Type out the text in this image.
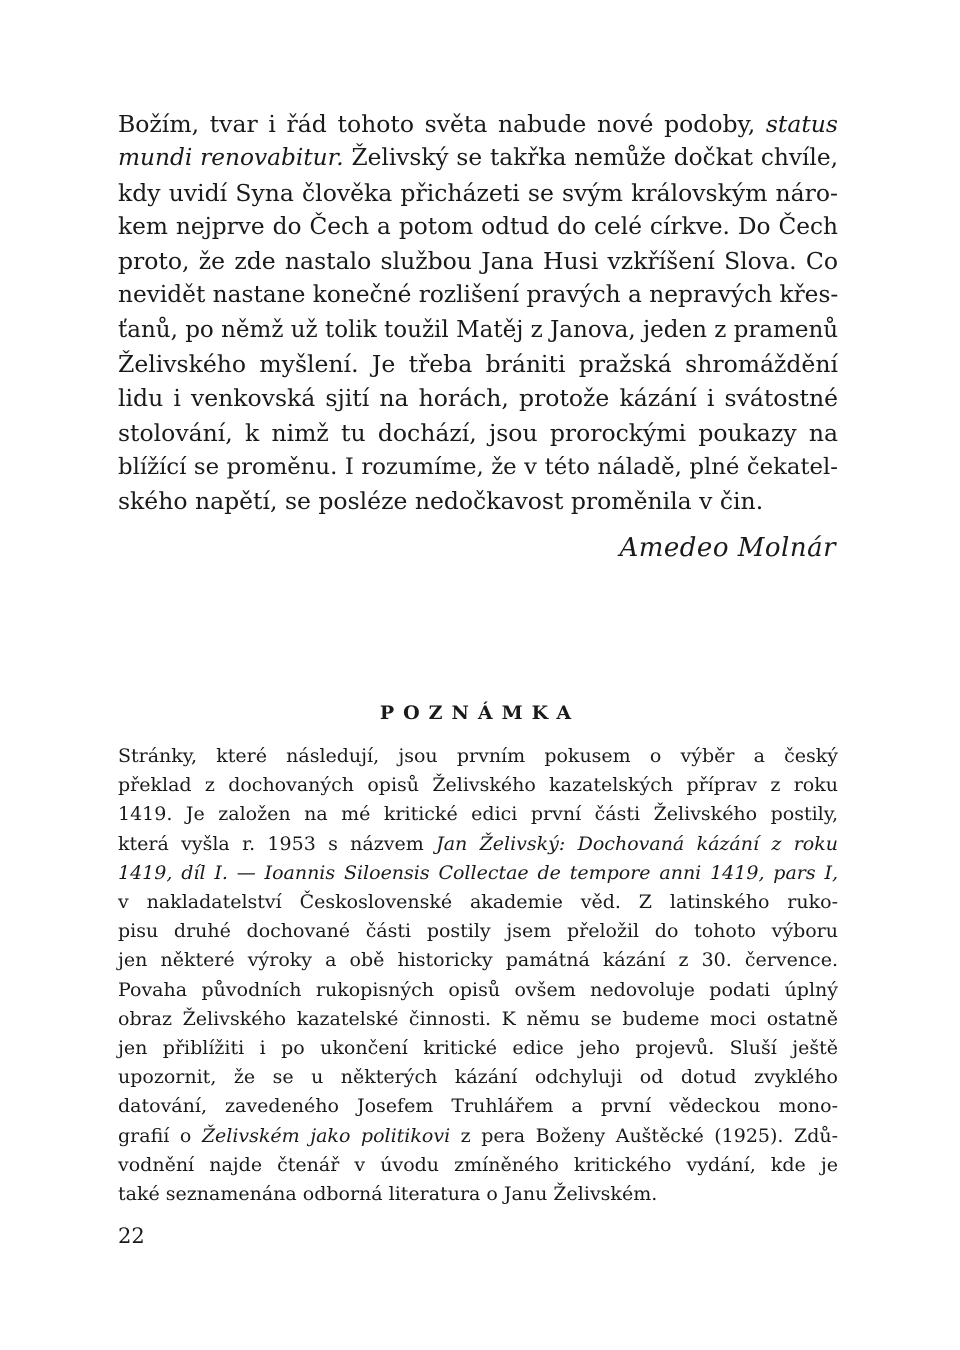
Božím, tvar i řád tohoto světa nabude nové podoby, status
mundi renovabitur. Želivský se takřka nemůže dočkat chvíle,
kdy uvidí Syna člověka přicházeti se svým královským náro-
kem nejprve do Čech a potom odtud do celé církve. Do Čech
proto, že zde nastalo službou Jana Husi vzkříšení Slova. Co
nevidět nastane konečné rozlišení pravých a nepravých křes-
ťanů, po němž už tolik toužil Matěj z Janova, jeden z pramenů
Želivského myšlení. Je třeba brániti pražská shromáždění
lidu i venkovská sjití na horách, protože kázání i svátostné
stolování, k nimž tu dochází, jsou prorockými poukazy na
blížící se proměnu. I rozumíme, že v této náladě, plné čekatel-
ského napětí, se posléze nedočkavost proměnila v čin.

Amedeo Molnár

POZNÁMKA

Stránky, které následují, jsou prvním pokusem o výběr a český
překlad z dochovaných opisů Želivského kazatelských příprav z roku
1419. Je založen na mé kritické edici první části Želivského postily,
která vyšla r. 1953 s názvem Jan Želivský: Dochovaná kázání z roku
1419, díl I. — Ioannis Siloensis Collectae de tempore anni 1419, pars I,
v nakladatelství Československé akademie věd. Z latinského ruko-
pisu druhé dochované části postily jsem přeložil do tohoto výboru
jen některé výroky a obě historicky památná kázání z 30. července.
Povaha původních rukopisných opisů ovšem nedovoluje podati úplný
obraz Želivského kazatelské činnosti. K němu se budeme moci ostatně
jen přiblížiti i po ukončení kritické edice jeho projevů. Sluší ještě
upozornit, že se u některých kázání odchyluji od dotud zvyklého
datování, zavedeného Josefem Truhlářem a první vědeckou mono-
grafií o Želivském jako politikovi z pera Boženy Auštěcké (1925). Zdů-
vodnění najde čtenář v úvodu zmíněného kritického vydání, kde je
také seznamenána odborná literatura o Janu Želivském.

22
